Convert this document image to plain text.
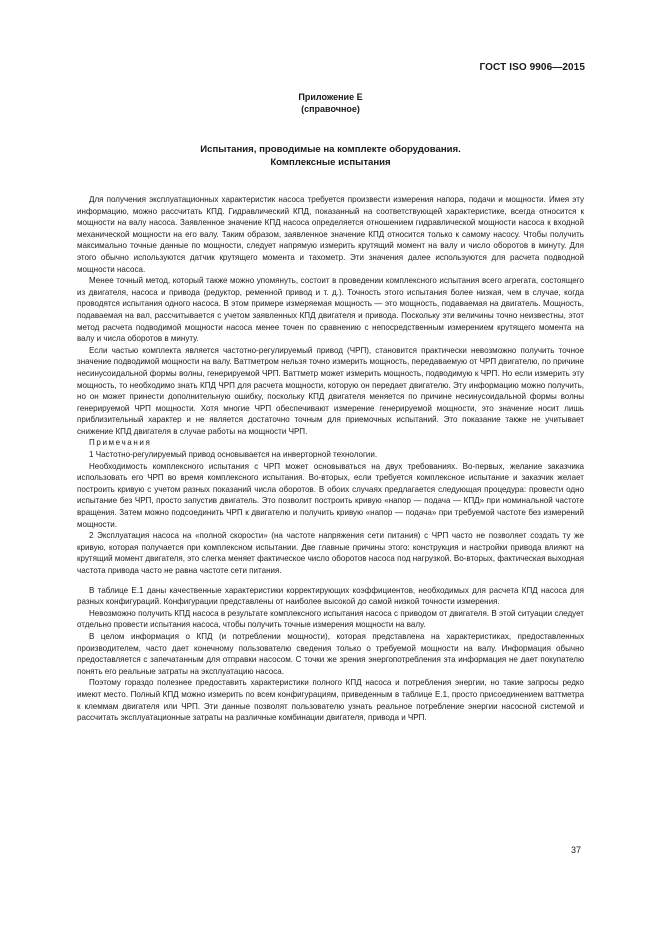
ГОСТ ISO 9906—2015
Приложение E
(справочное)
Испытания, проводимые на комплекте оборудования.
Комплексные испытания

Для получения эксплуатационных характеристик насоса требуется произвести измерения напора, подачи и мощности. Имея эту информацию, можно рассчитать КПД. Гидравлический КПД, показанный на соответствующей характеристике, всегда относится к мощности на валу насоса. Заявленное значение КПД насоса определяется отношением гидравлической мощности насоса к входной механической мощности на его валу. Таким образом, заявленное значение КПД относится только к самому насосу. Чтобы получить максимально точные данные по мощности, следует напрямую измерить крутящий момент на валу и число оборотов в минуту. Для этого обычно используются датчик крутящего момента и тахометр. Эти значения далее используются для расчета подводной мощности насоса.

Менее точный метод, который также можно упомянуть, состоит в проведении комплексного испытания всего агрегата, состоящего из двигателя, насоса и привода (редуктор, ременной привод и т. д.). Точность этого испытания более низкая, чем в случае, когда проводятся испытания одного насоса. В этом примере измеряемая мощность — это мощность, подаваемая на двигатель. Мощность, подаваемая на вал, рассчитывается с учетом заявленных КПД двигателя и привода. Поскольку эти величины точно неизвестны, этот метод расчета подводимой мощности насоса менее точен по сравнению с непосредственным измерением крутящего момента на валу и числа оборотов в минуту.

Если частью комплекта является частотно-регулируемый привод (ЧРП), становится практически невозможно получить точное значение подводимой мощности на валу. Ваттметром нельзя точно измерить мощность, передаваемую от ЧРП двигателю, по причине несинусоидальной формы волны, генерируемой ЧРП. Ваттметр может измерить мощность, подводимую к ЧРП. Но если измерить эту мощность, то необходимо знать КПД ЧРП для расчета мощности, которую он передает двигателю. Эту информацию можно получить, но он может принести дополнительную ошибку, поскольку КПД двигателя меняется по причине несинусоидальной формы волны генерируемой ЧРП мощности. Хотя многие ЧРП обеспечивают измерение генерируемой мощности, это значение носит лишь приблизительный характер и не является достаточно точным для приемочных испытаний. Это показание также не учитывает снижение КПД двигателя в случае работы на мощности ЧРП.

Примечания

1 Частотно-регулируемый привод основывается на инверторной технологии.

Необходимость комплексного испытания с ЧРП может основываться на двух требованиях. Во-первых, желание заказчика использовать его ЧРП во время комплексного испытания. Во-вторых, если требуется комплексное испытание и заказчик желает построить кривую с учетом разных показаний числа оборотов. В обоих случаях предлагается следующая процедура: провести одно испытание без ЧРП, просто запустив двигатель. Это позволит построить кривую «напор — подача — КПД» при номинальной частоте вращения. Затем можно подсоединить ЧРП к двигателю и получить кривую «напор — подача» при требуемой частоте без измерений мощности.

2 Эксплуатация насоса на «полной скорости» (на частоте напряжения сети питания) с ЧРП часто не позволяет создать ту же кривую, которая получается при комплексном испытании. Две главные причины этого: конструкция и настройки привода влияют на крутящий момент двигателя, это слегка меняет фактическое число оборотов насоса под нагрузкой. Во-вторых, фактическая выходная частота привода часто не равна частоте сети питания.

В таблице Е.1 даны качественные характеристики корректирующих коэффициентов, необходимых для расчета КПД насоса для разных конфигураций. Конфигурации представлены от наиболее высокой до самой низкой точности измерения.

Невозможно получить КПД насоса в результате комплексного испытания насоса с приводом от двигателя. В этой ситуации следует отдельно провести испытания насоса, чтобы получить точные измерения мощности на валу.

В целом информация о КПД (и потреблении мощности), которая представлена на характеристиках, предоставленных производителем, часто дает конечному пользователю сведения только о требуемой мощности на валу. Информация обычно предоставляется с запечатанным для отправки насосом. С точки же зрения энергопотребления эта информация не дает покупателю понять его реальные затраты на эксплуатацию насоса.

Поэтому гораздо полезнее предоставить характеристики полного КПД насоса и потребления энергии, но такие запросы редко имеют место. Полный КПД можно измерить по всем конфигурациям, приведенным в таблице Е.1, просто присоединением ваттметра к клеммам двигателя или ЧРП. Эти данные позволят пользователю узнать реальное потребление энергии насосной системой и рассчитать эксплуатационные затраты на различные комбинации двигателя, привода и ЧРП.

37
